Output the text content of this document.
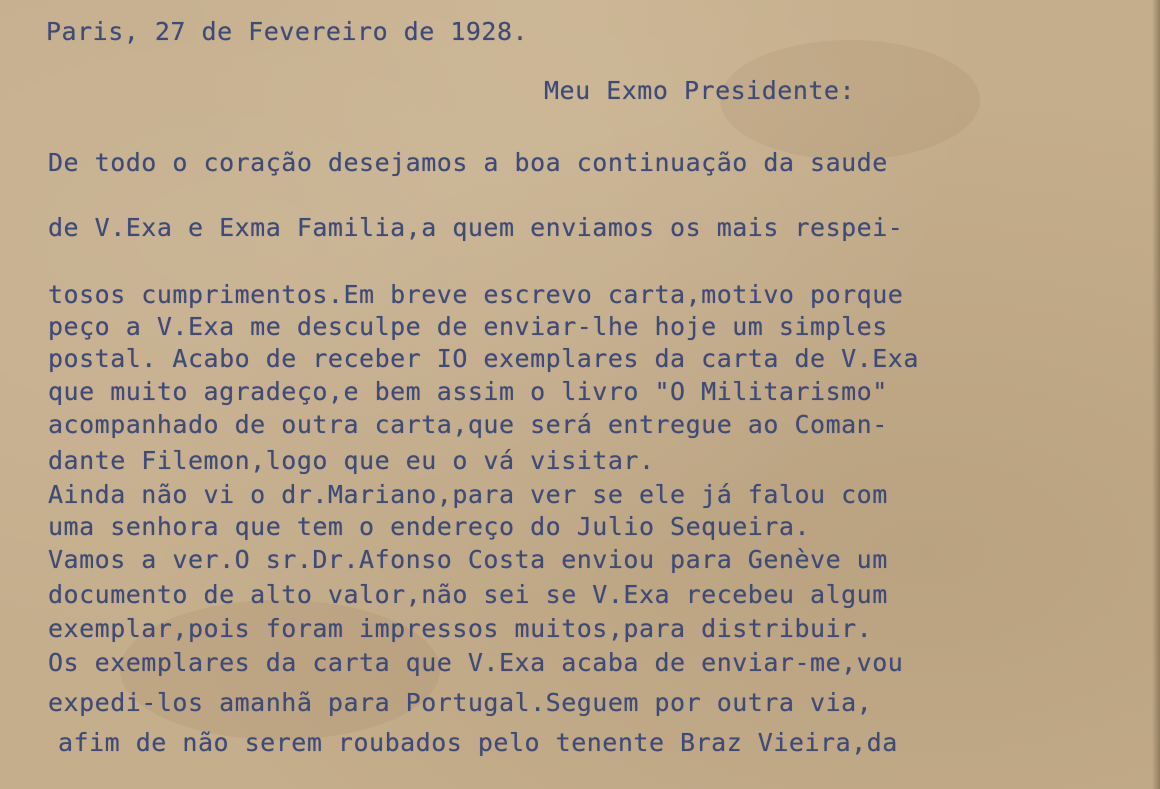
Paris, 27 de Fevereiro de 1928.

Meu Exmo Presidente:

De todo o coração desejamos a boa continuação da saude

de V.Exa e Exma Familia,a quem enviamos os mais respei-

tosos cumprimentos.Em breve escrevo carta,motivo porque

peço a V.Exa me desculpe de enviar-lhe hoje um simples

postal. Acabo de receber IO exemplares da carta de V.Exa

que muito agradeço,e bem assim o livro "O Militarismo"

acompanhado de outra carta,que será entregue ao Coman-

dante Filemon,logo que eu o vá visitar.

Ainda não vi o dr.Mariano,para ver se ele já falou com

uma senhora que tem o endereço do Julio Sequeira.

Vamos a ver.O sr.Dr.Afonso Costa enviou para Genève um

documento de alto valor,não sei se V.Exa recebeu algum

exemplar,pois foram impressos muitos,para distribuir.

Os exemplares da carta que V.Exa acaba de enviar-me,vou

expedi-los amanhã para Portugal.Seguem por outra via,

afim de não serem roubados pelo tenente Braz Vieira,da
